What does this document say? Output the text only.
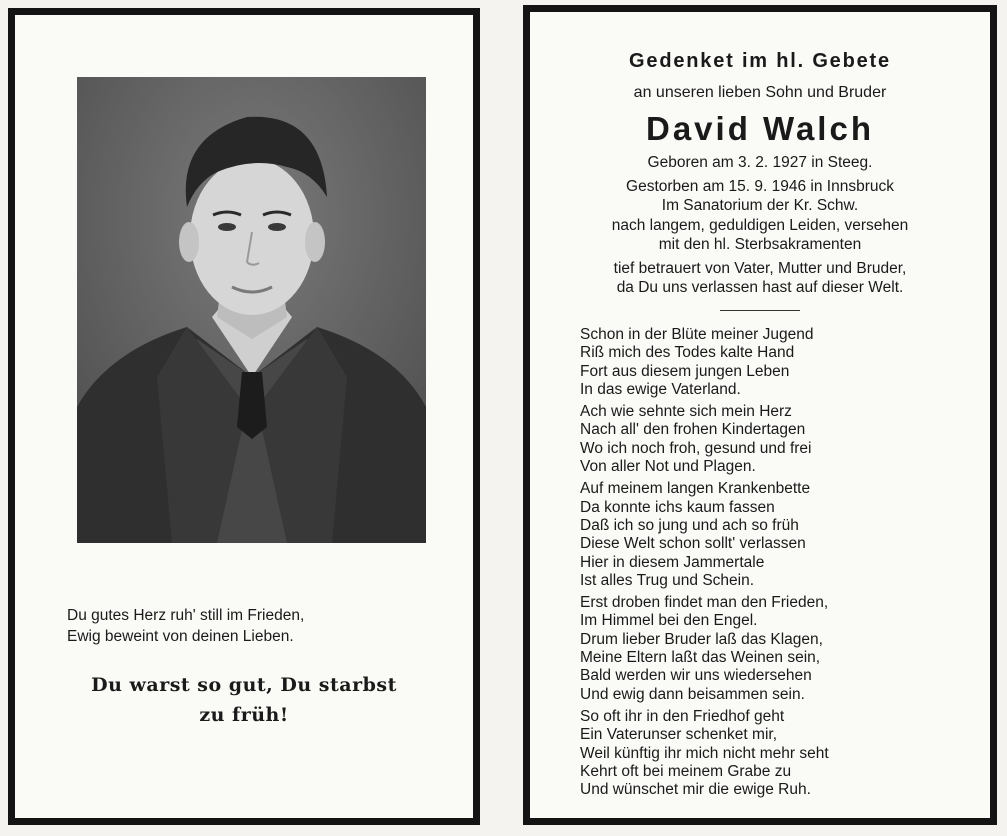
Du gutes Herz ruh' still im Frieden,
Ewig beweint von deinen Lieben.
Du warst so gut, Du starbst
zu früh!
Gedenket im hl. Gebete
an unseren lieben Sohn und Bruder
David Walch
Geboren am 3. 2. 1927 in Steeg.
Gestorben am 15. 9. 1946 in Innsbruck
Im Sanatorium der Kr. Schw.
nach langem, geduldigen Leiden, versehen
mit den hl. Sterbsakramenten
tief betrauert von Vater, Mutter und Bruder,
da Du uns verlassen hast auf dieser Welt.
Schon in der Blüte meiner Jugend
Riß mich des Todes kalte Hand
Fort aus diesem jungen Leben
In das ewige Vaterland.
Ach wie sehnte sich mein Herz
Nach all' den frohen Kindertagen
Wo ich noch froh, gesund und frei
Von aller Not und Plagen.
Auf meinem langen Krankenbette
Da konnte ichs kaum fassen
Daß ich so jung und ach so früh
Diese Welt schon sollt' verlassen
Hier in diesem Jammertale
Ist alles Trug und Schein.
Erst droben findet man den Frieden,
Im Himmel bei den Engel.
Drum lieber Bruder laß das Klagen,
Meine Eltern laßt das Weinen sein,
Bald werden wir uns wiedersehen
Und ewig dann beisammen sein.
So oft ihr in den Friedhof geht
Ein Vaterunser schenket mir,
Weil künftig ihr mich nicht mehr seht
Kehrt oft bei meinem Grabe zu
Und wünschet mir die ewige Ruh.
